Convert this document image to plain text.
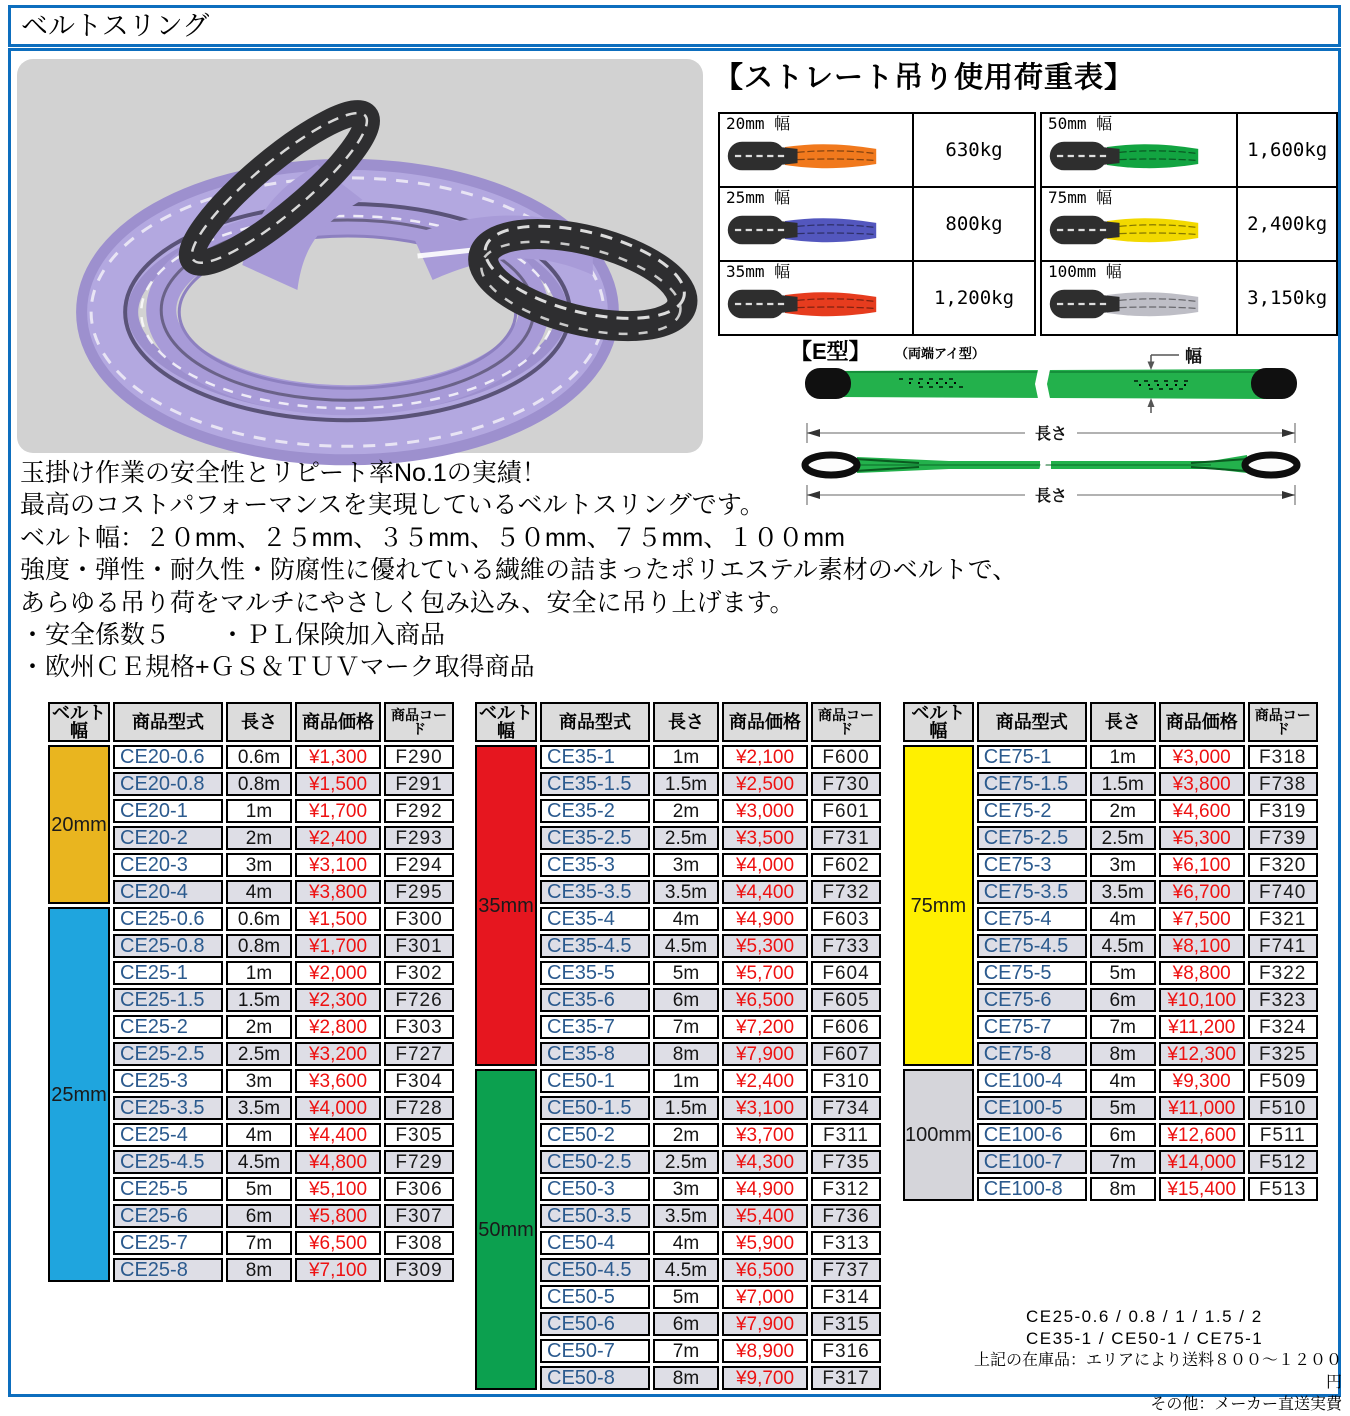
ベルトスリング
【ストレート吊り使用荷重表】
20mm 幅	630kg

25mm 幅	800kg

35mm 幅	1,200kg
50mm 幅	1,600kg

75mm 幅	2,400kg

100mm 幅	3,150kg
【E型】 （両端アイ型）	幅
長さ
長さ
玉掛け作業の安全性とリピート率No.1の実績！
最高のコストパフォーマンスを実現しているベルトスリングです。
ベルト幅：２０mm、２５mm、３５mm、５０mm、７５mm、１００mm
強度・弾性・耐久性・防腐性に優れている繊維の詰まったポリエステル素材のベルトで、
あらゆる吊り荷をマルチにやさしく包み込み、安全に吊り上げます。
・安全係数５　　・ＰＬ保険加入商品
・欧州ＣＥ規格+ＧＳ＆ＴＵＶマーク取得商品
ベルト幅	商品型式	長さ	商品価格	商品コード
20mm	CE20-0.6	0.6m	¥1,300	F290
	CE20-0.8	0.8m	¥1,500	F291
	CE20-1	1m	¥1,700	F292
	CE20-2	2m	¥2,400	F293
	CE20-3	3m	¥3,100	F294
	CE20-4	4m	¥3,800	F295
25mm	CE25-0.6	0.6m	¥1,500	F300
	CE25-0.8	0.8m	¥1,700	F301
	CE25-1	1m	¥2,000	F302
	CE25-1.5	1.5m	¥2,300	F726
	CE25-2	2m	¥2,800	F303
	CE25-2.5	2.5m	¥3,200	F727
	CE25-3	3m	¥3,600	F304
	CE25-3.5	3.5m	¥4,000	F728
	CE25-4	4m	¥4,400	F305
	CE25-4.5	4.5m	¥4,800	F729
	CE25-5	5m	¥5,100	F306
	CE25-6	6m	¥5,800	F307
	CE25-7	7m	¥6,500	F308
	CE25-8	8m	¥7,100	F309
ベルト幅	商品型式	長さ	商品価格	商品コード
35mm	CE35-1	1m	¥2,100	F600
	CE35-1.5	1.5m	¥2,500	F730
	CE35-2	2m	¥3,000	F601
	CE35-2.5	2.5m	¥3,500	F731
	CE35-3	3m	¥4,000	F602
	CE35-3.5	3.5m	¥4,400	F732
	CE35-4	4m	¥4,900	F603
	CE35-4.5	4.5m	¥5,300	F733
	CE35-5	5m	¥5,700	F604
	CE35-6	6m	¥6,500	F605
	CE35-7	7m	¥7,200	F606
	CE35-8	8m	¥7,900	F607
50mm	CE50-1	1m	¥2,400	F310
	CE50-1.5	1.5m	¥3,100	F734
	CE50-2	2m	¥3,700	F311
	CE50-2.5	2.5m	¥4,300	F735
	CE50-3	3m	¥4,900	F312
	CE50-3.5	3.5m	¥5,400	F736
	CE50-4	4m	¥5,900	F313
	CE50-4.5	4.5m	¥6,500	F737
	CE50-5	5m	¥7,000	F314
	CE50-6	6m	¥7,900	F315
	CE50-7	7m	¥8,900	F316
	CE50-8	8m	¥9,700	F317
ベルト幅	商品型式	長さ	商品価格	商品コード
75mm	CE75-1	1m	¥3,000	F318
	CE75-1.5	1.5m	¥3,800	F738
	CE75-2	2m	¥4,600	F319
	CE75-2.5	2.5m	¥5,300	F739
	CE75-3	3m	¥6,100	F320
	CE75-3.5	3.5m	¥6,700	F740
	CE75-4	4m	¥7,500	F321
	CE75-4.5	4.5m	¥8,100	F741
	CE75-5	5m	¥8,800	F322
	CE75-6	6m	¥10,100	F323
	CE75-7	7m	¥11,200	F324
	CE75-8	8m	¥12,300	F325
100mm	CE100-4	4m	¥9,300	F509
	CE100-5	5m	¥11,000	F510
	CE100-6	6m	¥12,600	F511
	CE100-7	7m	¥14,000	F512
	CE100-8	8m	¥15,400	F513
CE25-0.6 / 0.8 / 1 / 1.5 / 2
CE35-1 / CE50-1 / CE75-1
上記の在庫品：エリアにより送料８００～１２００円
その他：メーカー直送実費
